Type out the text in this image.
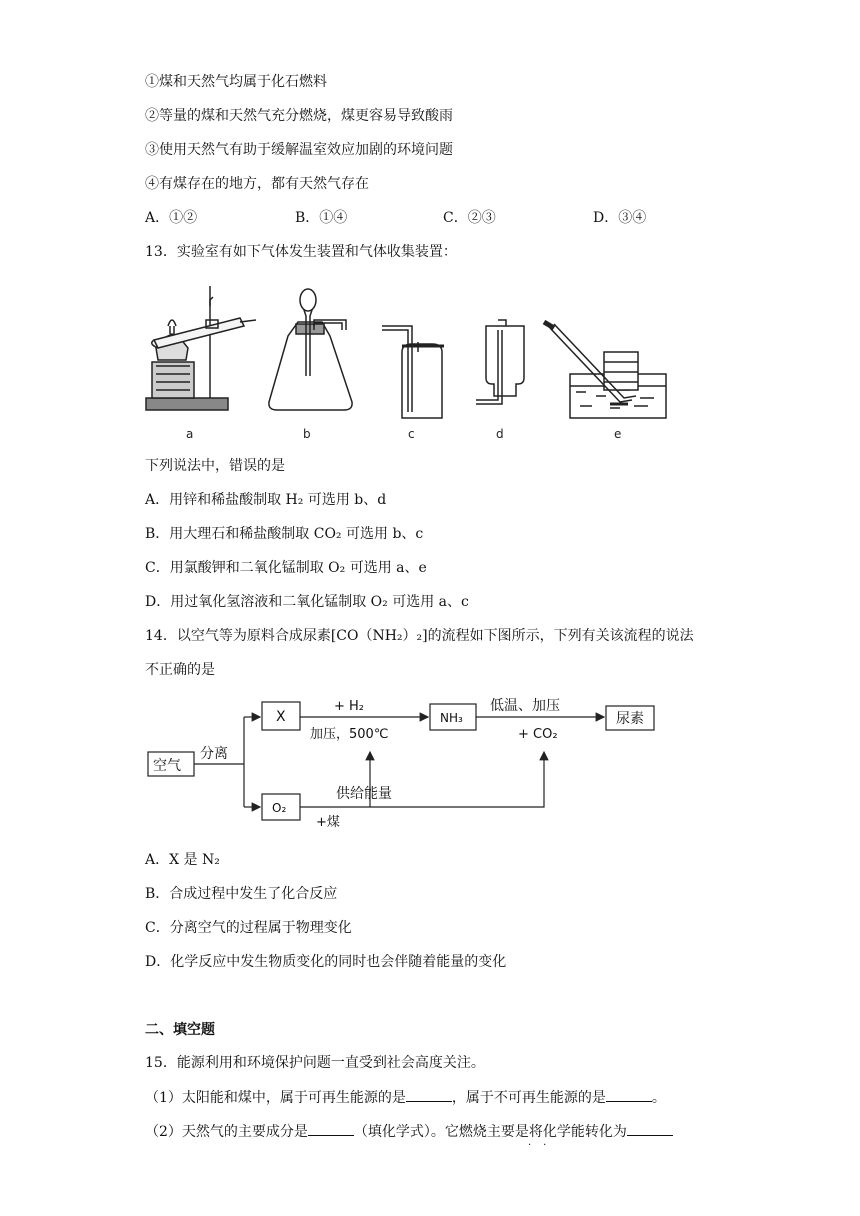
①煤和天然气均属于化石燃料
②等量的煤和天然气充分燃烧，煤更容易导致酸雨
③使用天然气有助于缓解温室效应加剧的环境问题
④有煤存在的地方，都有天然气存在
A．①②	B．①④	C．②③	D．③④
13．实验室有如下气体发生装置和气体收集装置：
a	b	c	d	e
下列说法中，错误的是
A．用锌和稀盐酸制取 H₂ 可选用 b、d
B．用大理石和稀盐酸制取 CO₂ 可选用 b、c
C．用氯酸钾和二氧化锰制取 O₂ 可选用 a、e
D．用过氧化氢溶液和二氧化锰制取 O₂ 可选用 a、c
14．以空气等为原料合成尿素[CO（NH₂）₂]的流程如下图所示，下列有关该流程的说法
不正确的是
空气
分离
X
+ H₂
加压，500℃
NH₃
低温、加压
+ CO₂
尿素
O₂
+煤
供给能量
A．X 是 N₂
B．合成过程中发生了化合反应
C．分离空气的过程属于物理变化
D．化学反应中发生物质变化的同时也会伴随着能量的变化
二、填空题
15．能源利用和环境保护问题一直受到社会高度关注。
（1）太阳能和煤中，属于可再生能源的是	，属于不可再生能源的是	。
（2）天然气的主要成分是	（填化学式）。它燃烧主要是将化学能转化为
··
